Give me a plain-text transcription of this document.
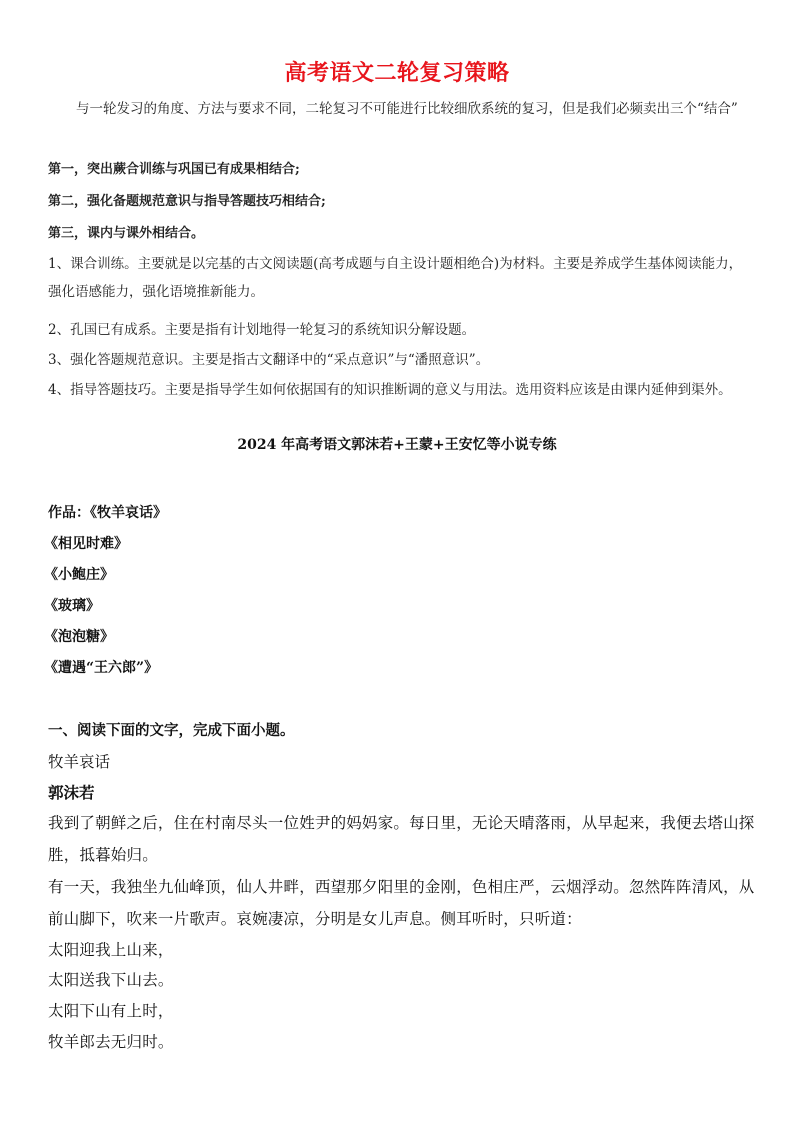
高考语文二轮复习策略
与一轮发习的角度、方法与要求不同，二轮复习不可能进行比较细欣系统的复习，但是我们必频卖出三个“结合”
第一，突出蕨合训练与巩国已有成果相结合;
第二，强化备题规范意识与指导答题技巧相结合;
第三，课内与课外相结合。
1、课合训练。主要就是以完基的古文阅读题(高考成题与自主设计题相绝合)为材料。主要是养成学生基体阅读能力，强化语感能力，强化语境推新能力。
2、孔国已有成系。主要是指有计划地得一轮复习的系统知识分解设题。
3、强化答题规范意识。主要是指古文翻译中的“采点意识”与“潘照意识”。
4、指导答题技巧。主要是指导学生如何依据国有的知识推断调的意义与用法。选用资料应该是由课内延伸到渠外。
2024 年高考语文郭沫若+王蒙+王安忆等小说专练
作品：《牧羊哀话》
《相见时难》
《小鲍庄》
《玻璃》
《泡泡糖》
《遭遇“王六郎”》
一、阅读下面的文字，完成下面小题。
牧羊哀话
郭沫若
我到了朝鲜之后，住在村南尽头一位姓尹的妈妈家。每日里，无论天晴落雨，从早起来，我便去塔山探胜，抵暮始归。
有一天，我独坐九仙峰顶，仙人井畔，西望那夕阳里的金刚，色相庄严，云烟浮动。忽然阵阵清风，从前山脚下，吹来一片歌声。哀婉凄凉，分明是女儿声息。侧耳听时，只听道：
太阳迎我上山来，
太阳送我下山去。
太阳下山有上时，
牧羊郎去无归时。
